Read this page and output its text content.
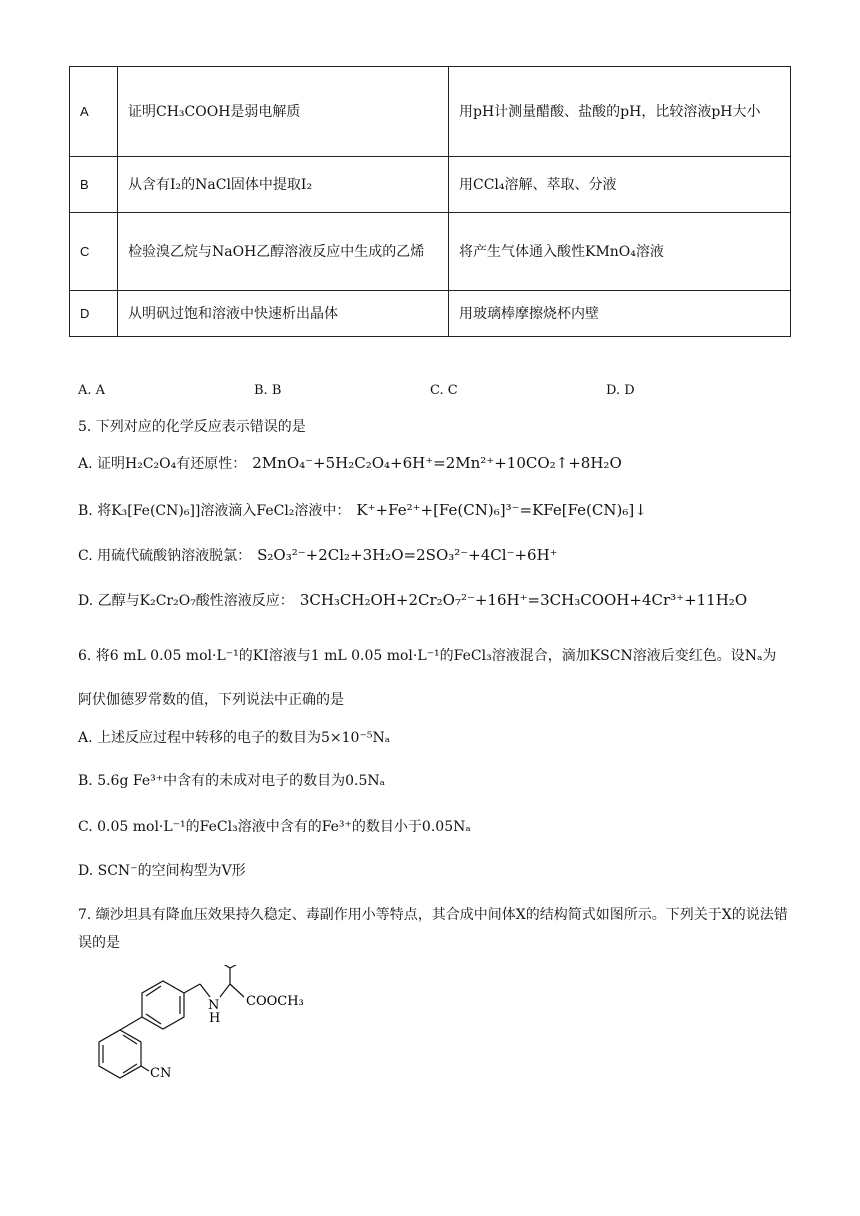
A	证明CH₃COOH是弱电解质	用pH计测量醋酸、盐酸的pH，比较溶液pH大小
B	从含有I₂的NaCl固体中提取I₂	用CCl₄溶解、萃取、分液
C	检验溴乙烷与NaOH乙醇溶液反应中生成的乙烯	将产生气体通入酸性KMnO₄溶液
D	从明矾过饱和溶液中快速析出晶体	用玻璃棒摩擦烧杯内壁
A. A	B. B	C. C	D. D
5. 下列对应的化学反应表示错误的是
A. 证明H₂C₂O₄有还原性： 2MnO₄⁻+5H₂C₂O₄+6H⁺=2Mn²⁺+10CO₂↑+8H₂O
B. 将K₃[Fe(CN)₆]]溶液滴入FeCl₂溶液中： K⁺+Fe²⁺+[Fe(CN)₆]³⁻=KFe[Fe(CN)₆]↓
C. 用硫代硫酸钠溶液脱氯： S₂O₃²⁻+2Cl₂+3H₂O=2SO₃²⁻+4Cl⁻+6H⁺
D. 乙醇与K₂Cr₂O₇酸性溶液反应： 3CH₃CH₂OH+2Cr₂O₇²⁻+16H⁺=3CH₃COOH+4Cr³⁺+11H₂O
6. 将6 mL 0.05 mol·L⁻¹的KI溶液与1 mL 0.05 mol·L⁻¹的FeCl₃溶液混合，滴加KSCN溶液后变红色。设Nₐ为阿伏伽德罗常数的值，下列说法中正确的是
A. 上述反应过程中转移的电子的数目为5×10⁻⁵Nₐ
B. 5.6g Fe³⁺中含有的未成对电子的数目为0.5Nₐ
C. 0.05 mol·L⁻¹的FeCl₃溶液中含有的Fe³⁺的数目小于0.05Nₐ
D. SCN⁻的空间构型为V形
7. 缬沙坦具有降血压效果持久稳定、毒副作用小等特点，其合成中间体X的结构简式如图所示。下列关于X的说法错误的是
N
H
COOCH₃
CN
